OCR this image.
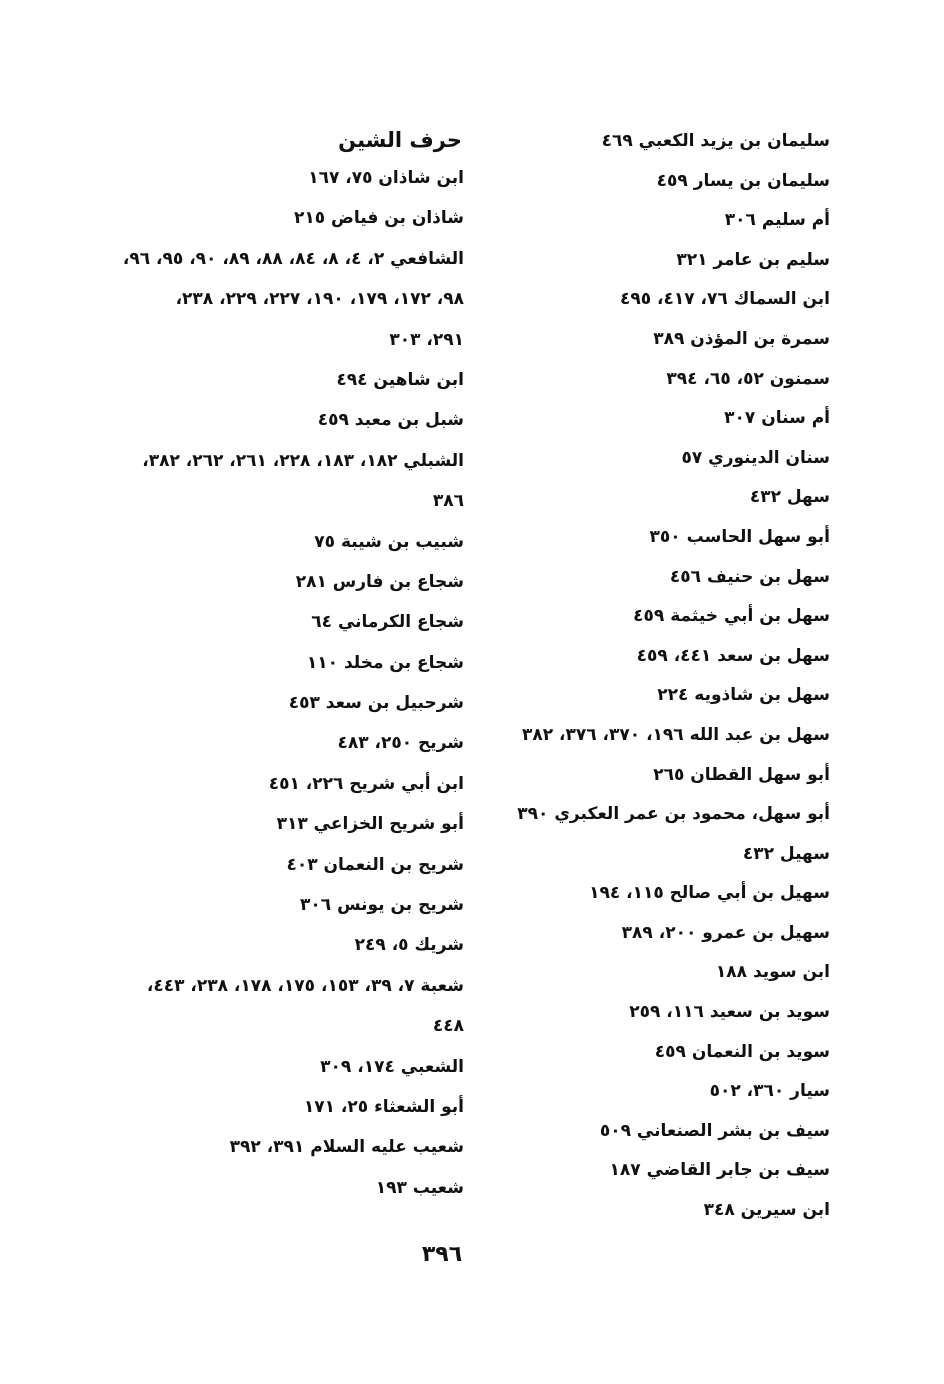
سليمان بن يزيد الكعبي ٤٦٩
سليمان بن يسار ٤٥٩
أم سليم ٣٠٦
سليم بن عامر ٣٢١
ابن السماك ٧٦، ٤١٧، ٤٩٥
سمرة بن المؤذن ٣٨٩
سمنون ٥٢، ٦٥، ٣٩٤
أم سنان ٣٠٧
سنان الدينوري ٥٧
سهل ٤٣٢
أبو سهل الحاسب ٣٥٠
سهل بن حنيف ٤٥٦
سهل بن أبي خيثمة ٤٥٩
سهل بن سعد ٤٤١، ٤٥٩
سهل بن شاذويه ٢٢٤
سهل بن عبد الله ١٩٦، ٣٧٠، ٣٧٦، ٣٨٢
أبو سهل القطان ٢٦٥
أبو سهل، محمود بن عمر العكبري ٣٩٠
سهيل ٤٣٢
سهيل بن أبي صالح ١١٥، ١٩٤
سهيل بن عمرو ٢٠٠، ٣٨٩
ابن سويد ١٨٨
سويد بن سعيد ١١٦، ٢٥٩
سويد بن النعمان ٤٥٩
سيار ٣٦٠، ٥٠٢
سيف بن بشر الصنعاني ٥٠٩
سيف بن جابر القاضي ١٨٧
ابن سيرين ٣٤٨
حرف الشين
ابن شاذان ٧٥، ١٦٧
شاذان بن فياض ٢١٥
الشافعي ٢، ٤، ٨، ٨٤، ٨٨، ٨٩، ٩٠، ٩٥، ٩٦،
٩٨، ١٧٢، ١٧٩، ١٩٠، ٢٢٧، ٢٢٩، ٢٣٨،
٢٩١، ٣٠٣
ابن شاهين ٤٩٤
شبل بن معبد ٤٥٩
الشبلي ١٨٢، ١٨٣، ٢٢٨، ٢٦١، ٢٦٢، ٣٨٢،
٣٨٦
شبيب بن شيبة ٧٥
شجاع بن فارس ٢٨١
شجاع الكرماني ٦٤
شجاع بن مخلد ١١٠
شرحبيل بن سعد ٤٥٣
شريح ٢٥٠، ٤٨٣
ابن أبي شريح ٢٢٦، ٤٥١
أبو شريح الخزاعي ٣١٣
شريح بن النعمان ٤٠٣
شريح بن يونس ٣٠٦
شريك ٥، ٢٤٩
شعبة ٧، ٣٩، ١٥٣، ١٧٥، ١٧٨، ٢٣٨، ٤٤٣،
٤٤٨
الشعبي ١٧٤، ٣٠٩
أبو الشعثاء ٢٥، ١٧١
شعيب عليه السلام ٣٩١، ٣٩٢
شعيب ١٩٣
٣٩٦
